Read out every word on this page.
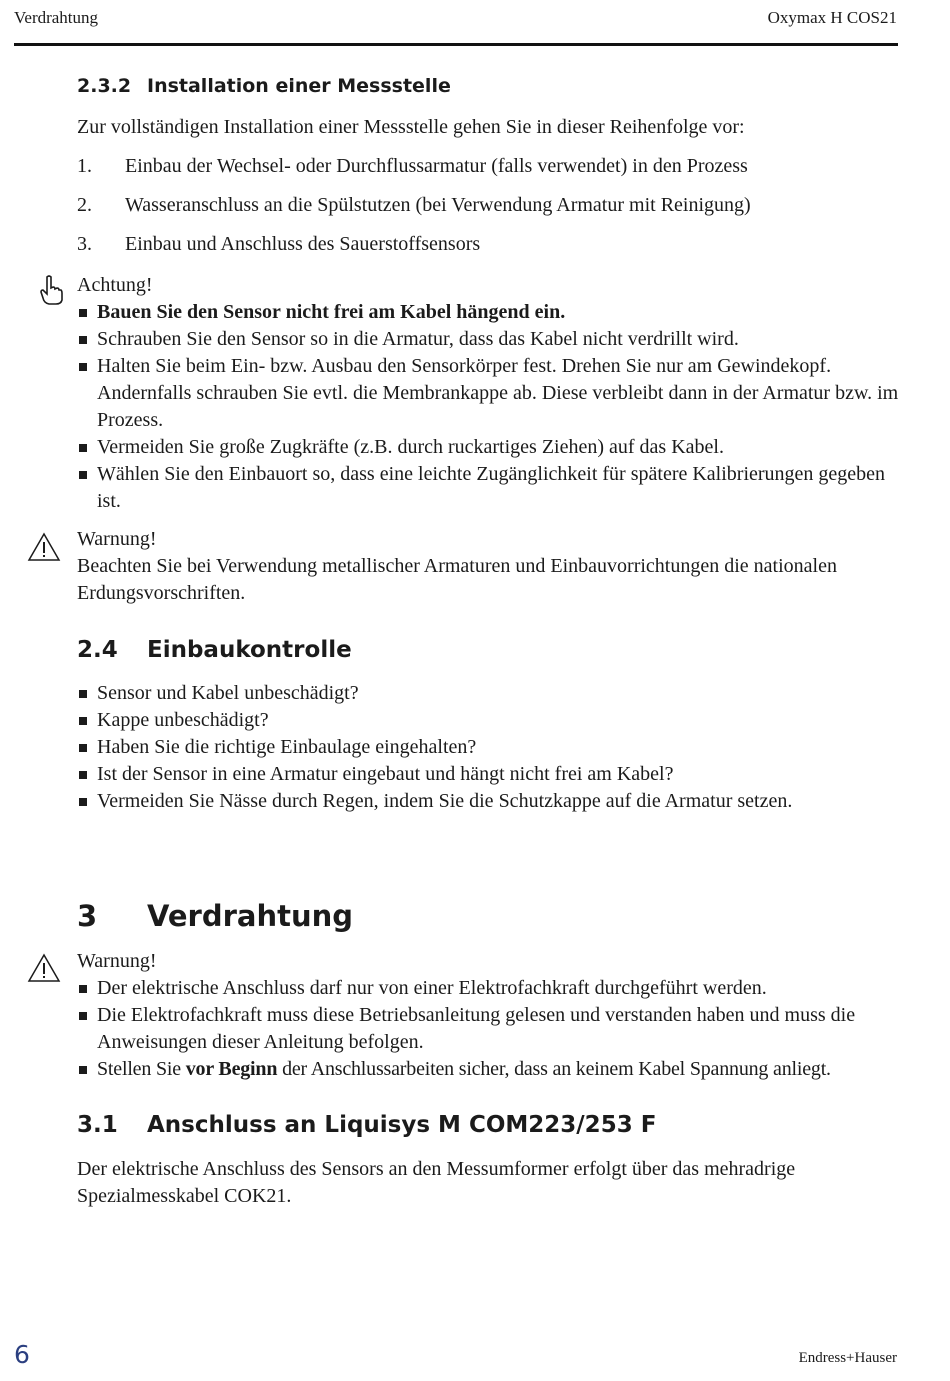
Verdrahtung	Oxymax H COS21
2.3.2 Installation einer Messstelle
Zur vollständigen Installation einer Messstelle gehen Sie in dieser Reihenfolge vor:
1. Einbau der Wechsel- oder Durchflussarmatur (falls verwendet) in den Prozess
2. Wasseranschluss an die Spülstutzen (bei Verwendung Armatur mit Reinigung)
3. Einbau und Anschluss des Sauerstoffsensors
Achtung!
Bauen Sie den Sensor nicht frei am Kabel hängend ein.
Schrauben Sie den Sensor so in die Armatur, dass das Kabel nicht verdrillt wird.
Halten Sie beim Ein- bzw. Ausbau den Sensorkörper fest. Drehen Sie nur am Gewindekopf. Andernfalls schrauben Sie evtl. die Membrankappe ab. Diese verbleibt dann in der Armatur bzw. im Prozess.
Vermeiden Sie große Zugkräfte (z.B. durch ruckartiges Ziehen) auf das Kabel.
Wählen Sie den Einbauort so, dass eine leichte Zugänglichkeit für spätere Kalibrierungen gegeben ist.
Warnung!
Beachten Sie bei Verwendung metallischer Armaturen und Einbauvorrichtungen die nationalen Erdungsvorschriften.
2.4 Einbaukontrolle
Sensor und Kabel unbeschädigt?
Kappe unbeschädigt?
Haben Sie die richtige Einbaulage eingehalten?
Ist der Sensor in eine Armatur eingebaut und hängt nicht frei am Kabel?
Vermeiden Sie Nässe durch Regen, indem Sie die Schutzkappe auf die Armatur setzen.
3 Verdrahtung
Warnung!
Der elektrische Anschluss darf nur von einer Elektrofachkraft durchgeführt werden.
Die Elektrofachkraft muss diese Betriebsanleitung gelesen und verstanden haben und muss die Anweisungen dieser Anleitung befolgen.
Stellen Sie vor Beginn der Anschlussarbeiten sicher, dass an keinem Kabel Spannung anliegt.
3.1 Anschluss an Liquisys M COM223/253 F
Der elektrische Anschluss des Sensors an den Messumformer erfolgt über das mehradrige Spezialmesskabel COK21.
6	Endress+Hauser
